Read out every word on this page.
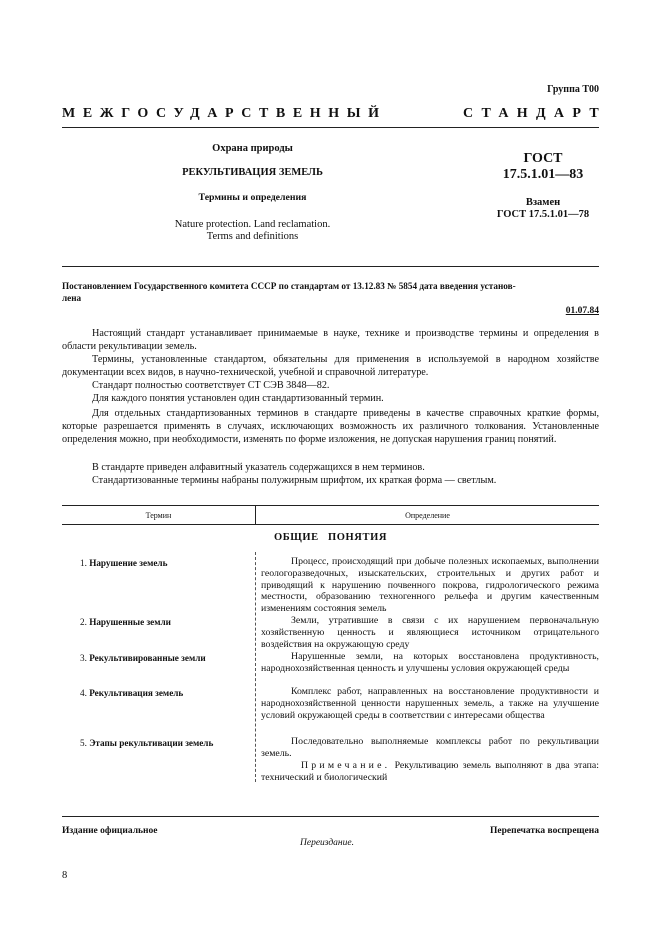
Группа Т00
МЕЖГОСУДАРСТВЕННЫЙ	СТАНДАРТ
Охрана природы
РЕКУЛЬТИВАЦИЯ ЗЕМЕЛЬ
Термины и определения
Nature protection. Land reclamation.
Terms and definitions
ГОСТ
17.5.1.01—83
Взамен
ГОСТ 17.5.1.01—78
Постановлением Государственного комитета СССР по стандартам от 13.12.83 № 5854 дата введения установ-
лена
01.07.84
Настоящий стандарт устанавливает принимаемые в науке, технике и производстве термины и определения в области рекультивации земель.
Термины, установленные стандартом, обязательны для применения в используемой в народном хозяйстве документации всех видов, в научно-технической, учебной и справочной литературе.
Стандарт полностью соответствует СТ СЭВ 3848—82.
Для каждого понятия установлен один стандартизованный термин.
Для отдельных стандартизованных терминов в стандарте приведены в качестве справочных краткие формы, которые разрешается применять в случаях, исключающих возможность их различного толкования. Установленные определения можно, при необходимости, изменять по форме изложения, не допуская нарушения границ понятий.
В стандарте приведен алфавитный указатель содержащихся в нем терминов.
Стандартизованные термины набраны полужирным шрифтом, их краткая форма — светлым.
Термин	Определение
ОБЩИЕ ПОНЯТИЯ
1. Нарушение земель	Процесс, происходящий при добыче полезных ископаемых, выполнении геологоразведочных, изыскательских, строительных и других работ и приводящий к нарушению почвенного покрова, гидрологического режима местности, образованию техногенного рельефа и другим качественным изменениям состояния земель
2. Нарушенные земли	Земли, утратившие в связи с их нарушением первоначальную хозяйственную ценность и являющиеся источником отрицательного воздействия на окружающую среду
3. Рекультивированные земли	Нарушенные земли, на которых восстановлена продуктивность, народнохозяйственная ценность и улучшены условия окружающей среды
4. Рекультивация земель	Комплекс работ, направленных на восстановление продуктивности и народнохозяйственной ценности нарушенных земель, а также на улучшение условий окружающей среды в соответствии с интересами общества
5. Этапы рекультивации земель	Последовательно выполняемые комплексы работ по рекультивации земель.
Примечание. Рекультивацию земель выполняют в два этапа: технический и биологический
Издание официальное	Перепечатка воспрещена
Переиздание.
8
